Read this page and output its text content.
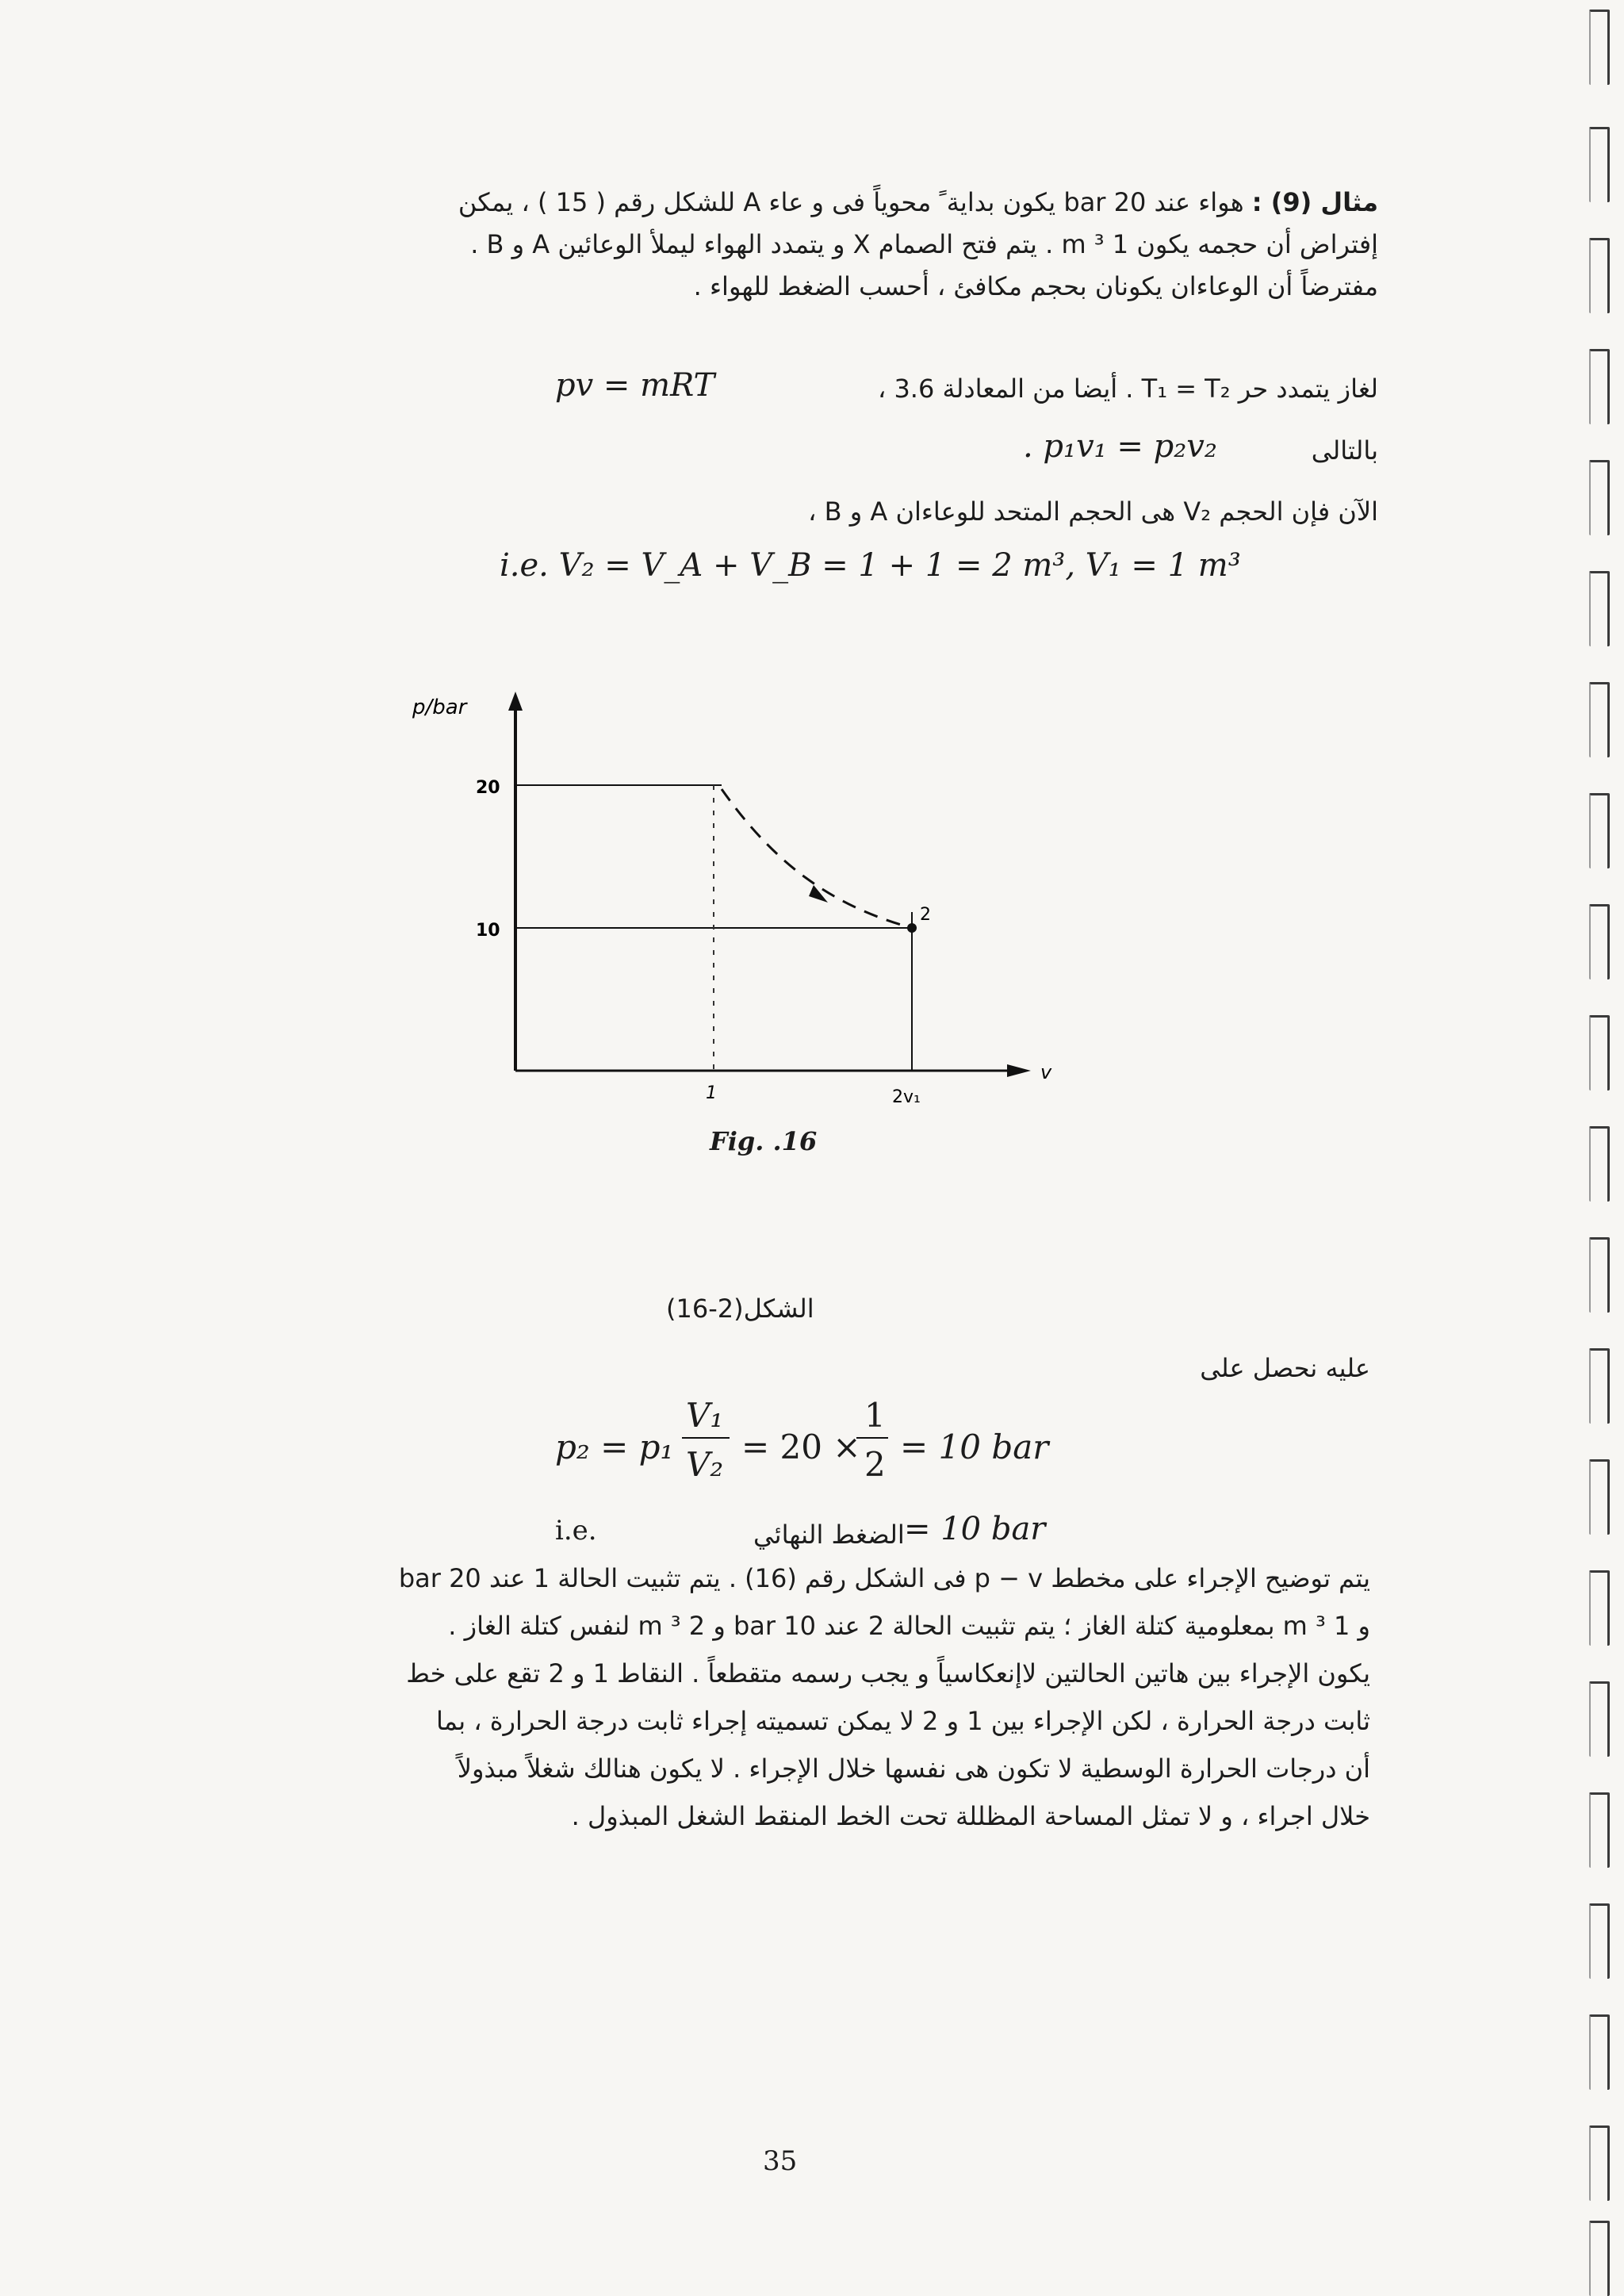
مثال (9) : هواء عند 20 bar يكون بداية ً محوياً فى و عاء A للشكل رقم ( 15 ) ، يمكن
إفتراض أن حجمه يكون 1 m ³ . يتم فتح الصمام X و يتمدد الهواء ليملأ الوعائين A و B .
مفترضاً أن الوعاءان يكونان بحجم مكافئ ، أحسب الضغط للهواء .
لغاز يتمدد حر T₁ = T₂ . أيضا من المعادلة 3.6 ،
pv = mRT
بالتالى
. p₁v₁ = p₂v₂
الآن فإن الحجم V₂ هى الحجم المتحد للوعاءان A و B ،
i.e. V₂ = V_A + V_B = 1 + 1 = 2 m³, V₁ = 1 m³
p/bar
20
10
1	2v₁
v
2
Fig. .16
الشكل(2-16)
عليه نحصل على
p₂ = p₁
V₁
V₂ = 20 ×
1
2 = 10 bar
i.e.	الضغط النهائي = 10 bar
يتم توضيح الإجراء على مخطط p − v فى الشكل رقم (16) . يتم تثبيت الحالة 1 عند 20 bar
و 1 m ³ بمعلومية كتلة الغاز ؛ يتم تثبيت الحالة 2 عند 10 bar و 2 m ³ لنفس كتلة الغاز .
يكون الإجراء بين هاتين الحالتين لاإنعكاسياً و يجب رسمه متقطعاً . النقاط 1 و 2 تقع على خط
ثابت درجة الحرارة ، لكن الإجراء بين 1 و 2 لا يمكن تسميته إجراء ثابت درجة الحرارة ، بما
أن درجات الحرارة الوسطية لا تكون هى نفسها خلال الإجراء . لا يكون هنالك شغلاً مبذولاً
خلال اجراء ، و لا تمثل المساحة المظللة تحت الخط المنقط الشغل المبذول .
35
